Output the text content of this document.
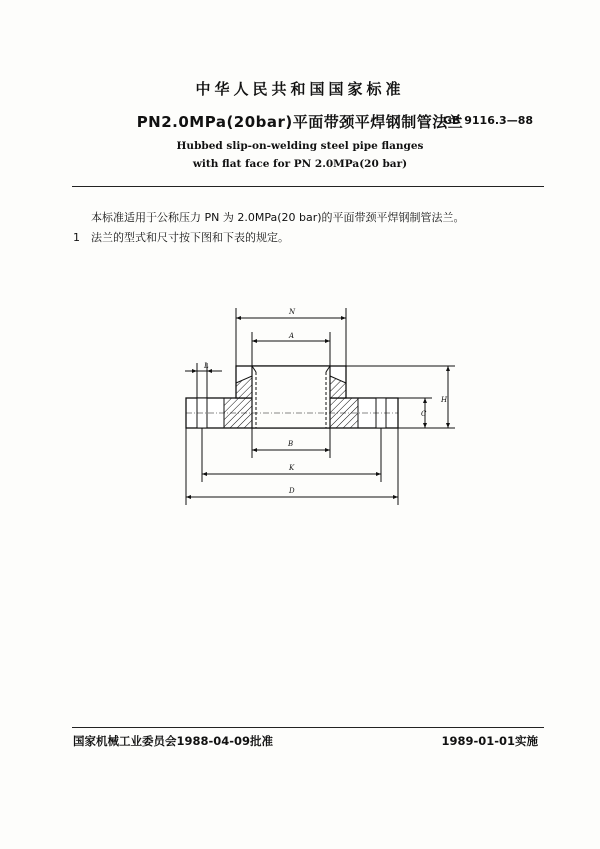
中华人民共和国国家标准
PN2.0MPa(20bar)平面带颈平焊钢制管法兰
GB 9116.3—88
Hubbed slip-on-welding steel pipe flanges
with flat face for PN 2.0MPa(20 bar)
本标准适用于公称压力 PN 为 2.0MPa(20 bar)的平面带颈平焊钢制管法兰。
1 法兰的型式和尺寸按下图和下表的规定。
N
A
L
B
K
D
C
H
国家机械工业委员会1988-04-09批准	1989-01-01实施
